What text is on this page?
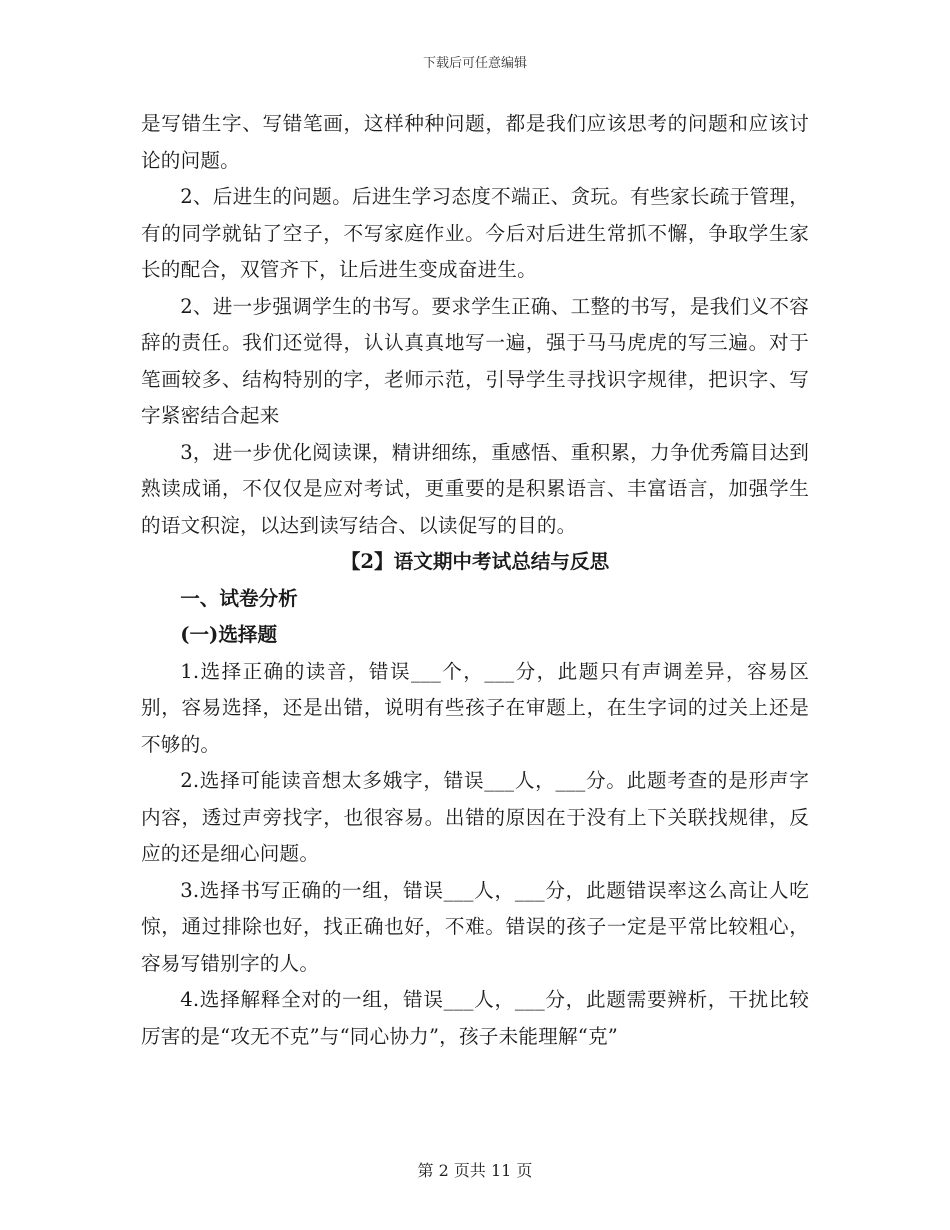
下载后可任意编辑

是写错生字、写错笔画，这样种种问题，都是我们应该思考的问题和应该讨论的问题。

2、后进生的问题。后进生学习态度不端正、贪玩。有些家长疏于管理，有的同学就钻了空子，不写家庭作业。今后对后进生常抓不懈，争取学生家长的配合，双管齐下，让后进生变成奋进生。

2、进一步强调学生的书写。要求学生正确、工整的书写，是我们义不容辞的责任。我们还觉得，认认真真地写一遍，强于马马虎虎的写三遍。对于笔画较多、结构特别的字，老师示范，引导学生寻找识字规律，把识字、写字紧密结合起来

3，进一步优化阅读课，精讲细练，重感悟、重积累，力争优秀篇目达到熟读成诵，不仅仅是应对考试，更重要的是积累语言、丰富语言，加强学生的语文积淀，以达到读写结合、以读促写的目的。

【2】语文期中考试总结与反思

一、试卷分析

(一)选择题

1.选择正确的读音，错误___个，___分，此题只有声调差异，容易区别，容易选择，还是出错，说明有些孩子在审题上，在生字词的过关上还是不够的。

2.选择可能读音想太多娥字，错误___人，___分。此题考查的是形声字内容，透过声旁找字，也很容易。出错的原因在于没有上下关联找规律，反应的还是细心问题。

3.选择书写正确的一组，错误___人，___分，此题错误率这么高让人吃惊，通过排除也好，找正确也好，不难。错误的孩子一定是平常比较粗心，容易写错别字的人。

4.选择解释全对的一组，错误___人，___分，此题需要辨析，干扰比较厉害的是“攻无不克”与“同心协力”，孩子未能理解“克”

第 2 页共 11 页
